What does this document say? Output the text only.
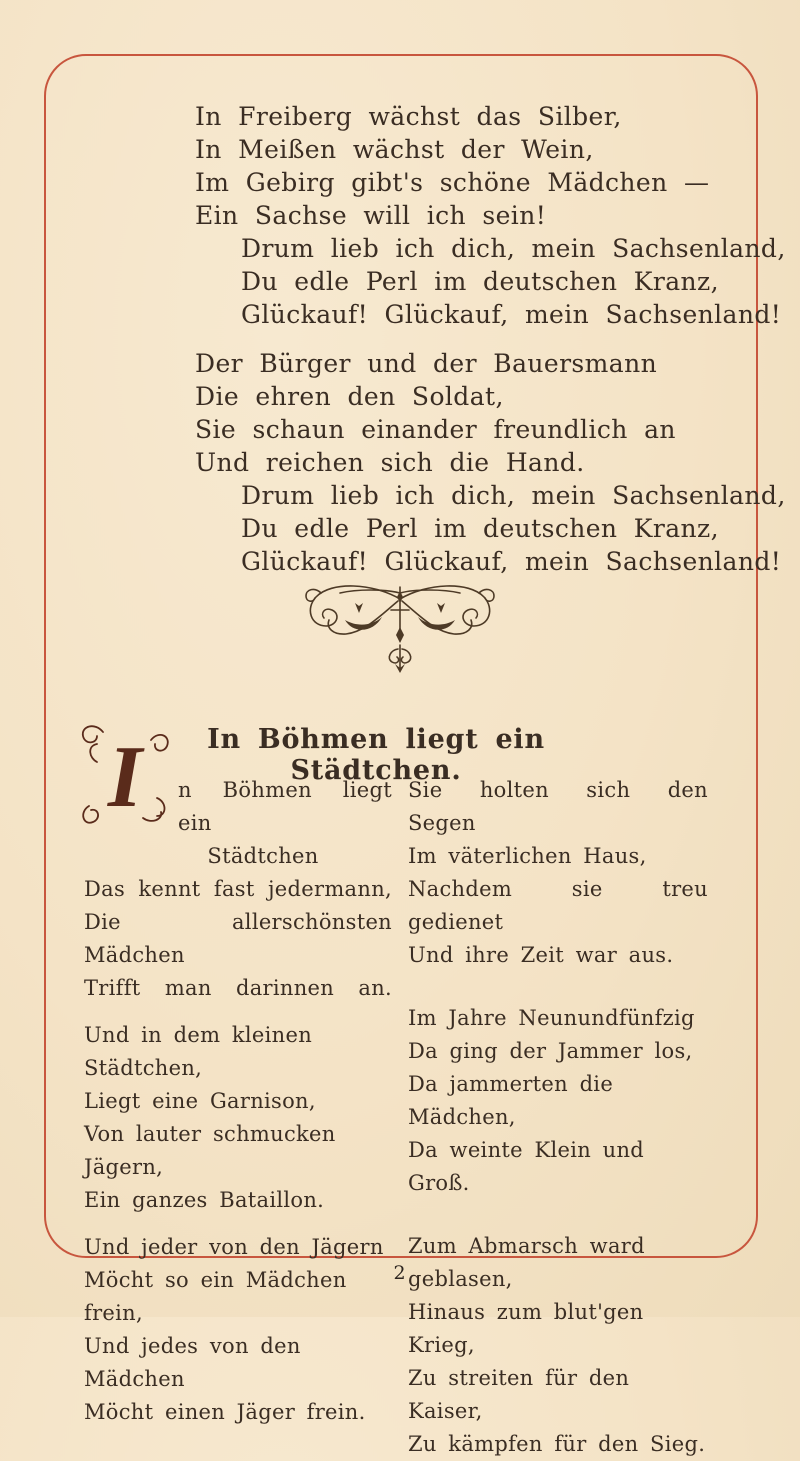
In Freiberg wächst das Silber,
In Meißen wächst der Wein,
Im Gebirg gibt's schöne Mädchen —
Ein Sachse will ich sein!
Drum lieb ich dich, mein Sachsenland,
Du edle Perl im deutschen Kranz,
Glückauf! Glückauf, mein Sachsenland!
Der Bürger und der Bauersmann
Die ehren den Soldat,
Sie schaun einander freundlich an
Und reichen sich die Hand.
Drum lieb ich dich, mein Sachsenland,
Du edle Perl im deutschen Kranz,
Glückauf! Glückauf, mein Sachsenland!
In Böhmen liegt ein Städtchen.
I n Böhmen liegt ein
Städtchen
Das kennt fast jedermann,
Die allerschönsten Mädchen
Trifft man darinnen an.
Und in dem kleinen Städtchen,
Liegt eine Garnison,
Von lauter schmucken Jägern,
Ein ganzes Bataillon.
Und jeder von den Jägern
Möcht so ein Mädchen frein,
Und jedes von den Mädchen
Möcht einen Jäger frein.
Sie holten sich den Segen
Im väterlichen Haus,
Nachdem sie treu gedienet
Und ihre Zeit war aus.
Im Jahre Neunundfünfzig
Da ging der Jammer los,
Da jammerten die Mädchen,
Da weinte Klein und Groß.
Zum Abmarsch ward geblasen,
Hinaus zum blut'gen Krieg,
Zu streiten für den Kaiser,
Zu kämpfen für den Sieg.
2
